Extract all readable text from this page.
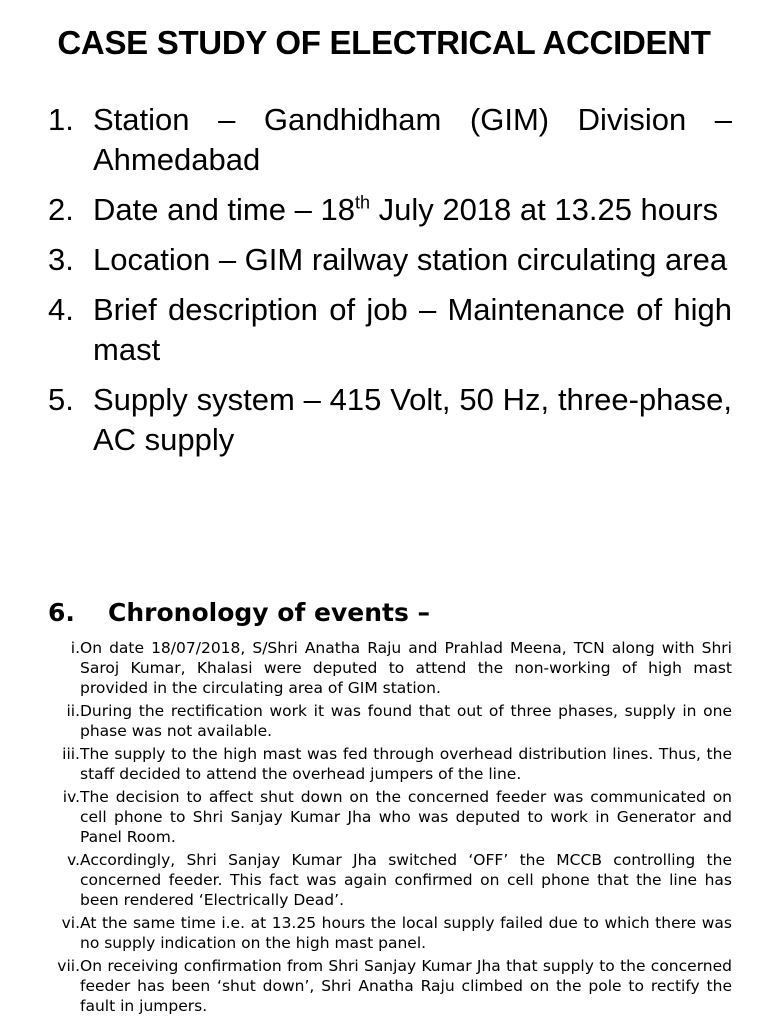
CASE STUDY OF ELECTRICAL ACCIDENT
1. Station – Gandhidham (GIM) Division – Ahmedabad
2. Date and time – 18th July 2018 at 13.25 hours
3. Location – GIM railway station circulating area
4. Brief description of job – Maintenance of high mast
5. Supply system – 415 Volt, 50 Hz, three-phase, AC supply
6.	Chronology of events –
i. On date 18/07/2018, S/Shri Anatha Raju and Prahlad Meena, TCN along with Shri Saroj Kumar, Khalasi were deputed to attend the non-working of high mast provided in the circulating area of GIM station.
ii. During the rectification work it was found that out of three phases, supply in one phase was not available.
iii. The supply to the high mast was fed through overhead distribution lines. Thus, the staff decided to attend the overhead jumpers of the line.
iv. The decision to affect shut down on the concerned feeder was communicated on cell phone to Shri Sanjay Kumar Jha who was deputed to work in Generator and Panel Room.
v. Accordingly, Shri Sanjay Kumar Jha switched ‘OFF’ the MCCB controlling the concerned feeder. This fact was again confirmed on cell phone that the line has been rendered ‘Electrically Dead’.
vi. At the same time i.e. at 13.25 hours the local supply failed due to which there was no supply indication on the high mast panel.
vii. On receiving confirmation from Shri Sanjay Kumar Jha that supply to the concerned feeder has been ‘shut down’, Shri Anatha Raju climbed on the pole to rectify the fault in jumpers.
